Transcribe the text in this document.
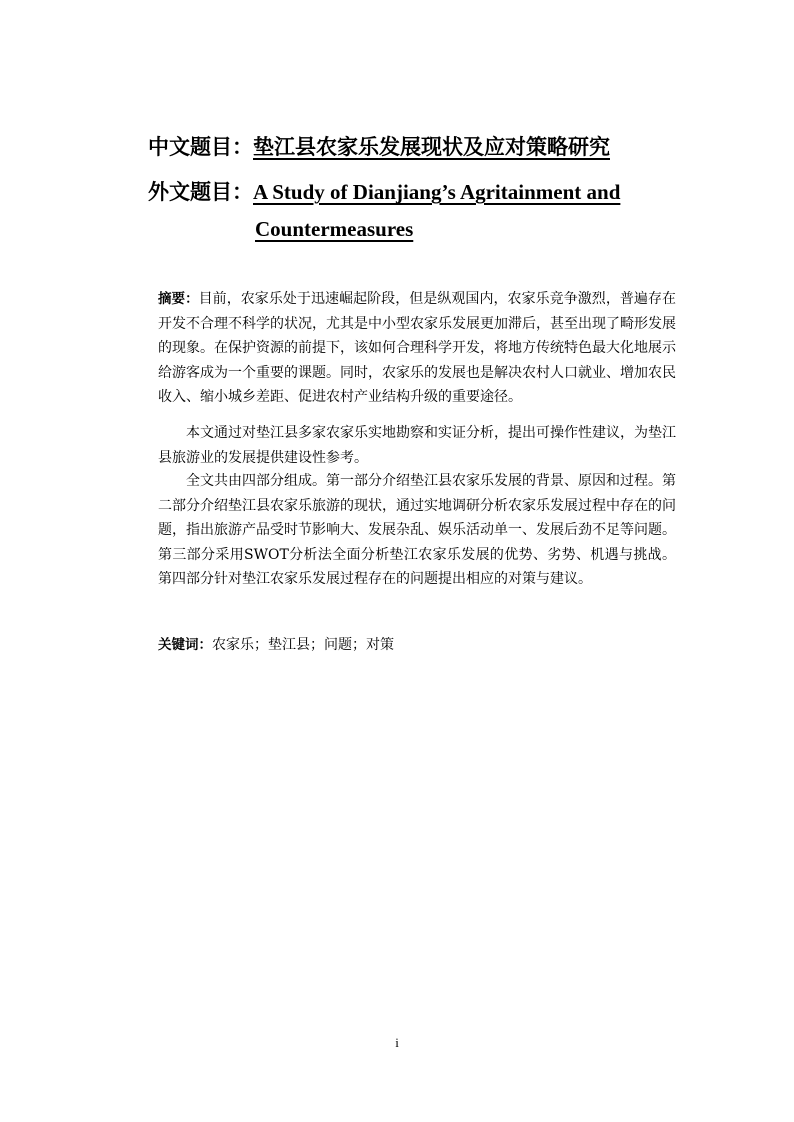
中文题目：垫江县农家乐发展现状及应对策略研究
外文题目：A Study of Dianjiang’s Agritainment and
Countermeasures
摘要：目前，农家乐处于迅速崛起阶段，但是纵观国内，农家乐竞争激烈，普遍存在开发不合理不科学的状况，尤其是中小型农家乐发展更加滞后，甚至出现了畸形发展的现象。在保护资源的前提下，该如何合理科学开发，将地方传统特色最大化地展示给游客成为一个重要的课题。同时，农家乐的发展也是解决农村人口就业、增加农民收入、缩小城乡差距、促进农村产业结构升级的重要途径。
本文通过对垫江县多家农家乐实地勘察和实证分析，提出可操作性建议，为垫江县旅游业的发展提供建设性参考。
全文共由四部分组成。第一部分介绍垫江县农家乐发展的背景、原因和过程。第二部分介绍垫江县农家乐旅游的现状，通过实地调研分析农家乐发展过程中存在的问题，指出旅游产品受时节影响大、发展杂乱、娱乐活动单一、发展后劲不足等问题。第三部分采用SWOT分析法全面分析垫江农家乐发展的优势、劣势、机遇与挑战。第四部分针对垫江农家乐发展过程存在的问题提出相应的对策与建议。
关键词：农家乐；垫江县；问题；对策
i
